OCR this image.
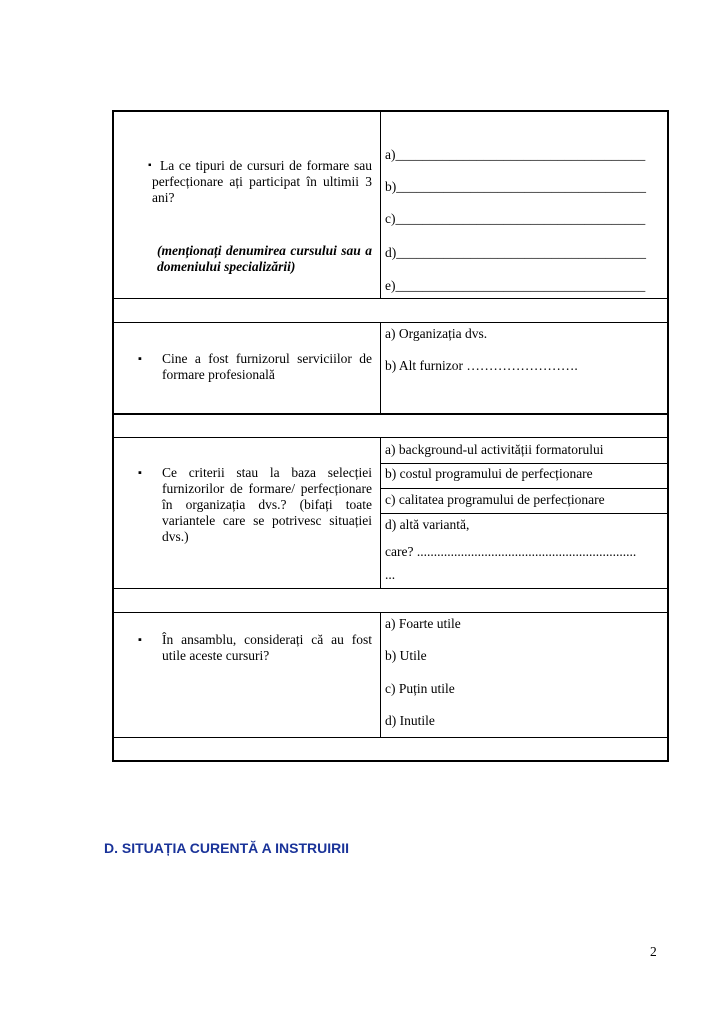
▪ La ce tipuri de cursuri de formare sau perfecționare ați participat în ultimii 3 ani?
(menționați denumirea cursului sau a domeniului specializării)
a)_____________________________________
b)_____________________________________
c)_____________________________________
d)_____________________________________
e)_____________________________________
▪ Cine a fost furnizorul serviciilor de formare profesională
a) Organizația dvs.
b) Alt furnizor …………………….
▪ Ce criterii stau la baza selecției furnizorilor de formare/ perfecționare în organizația dvs.? (bifați toate variantele care se potrivesc situației dvs.)
a) background-ul activității formatorului
b) costul programului de perfecționare
c) calitatea programului de perfecționare
d) altă variantă,
care? .................................................................
...
▪ În ansamblu, considerați că au fost utile aceste cursuri?
a) Foarte utile
b) Utile
c) Puțin utile
d) Inutile
D. SITUAȚIA CURENTĂ A INSTRUIRII
2
